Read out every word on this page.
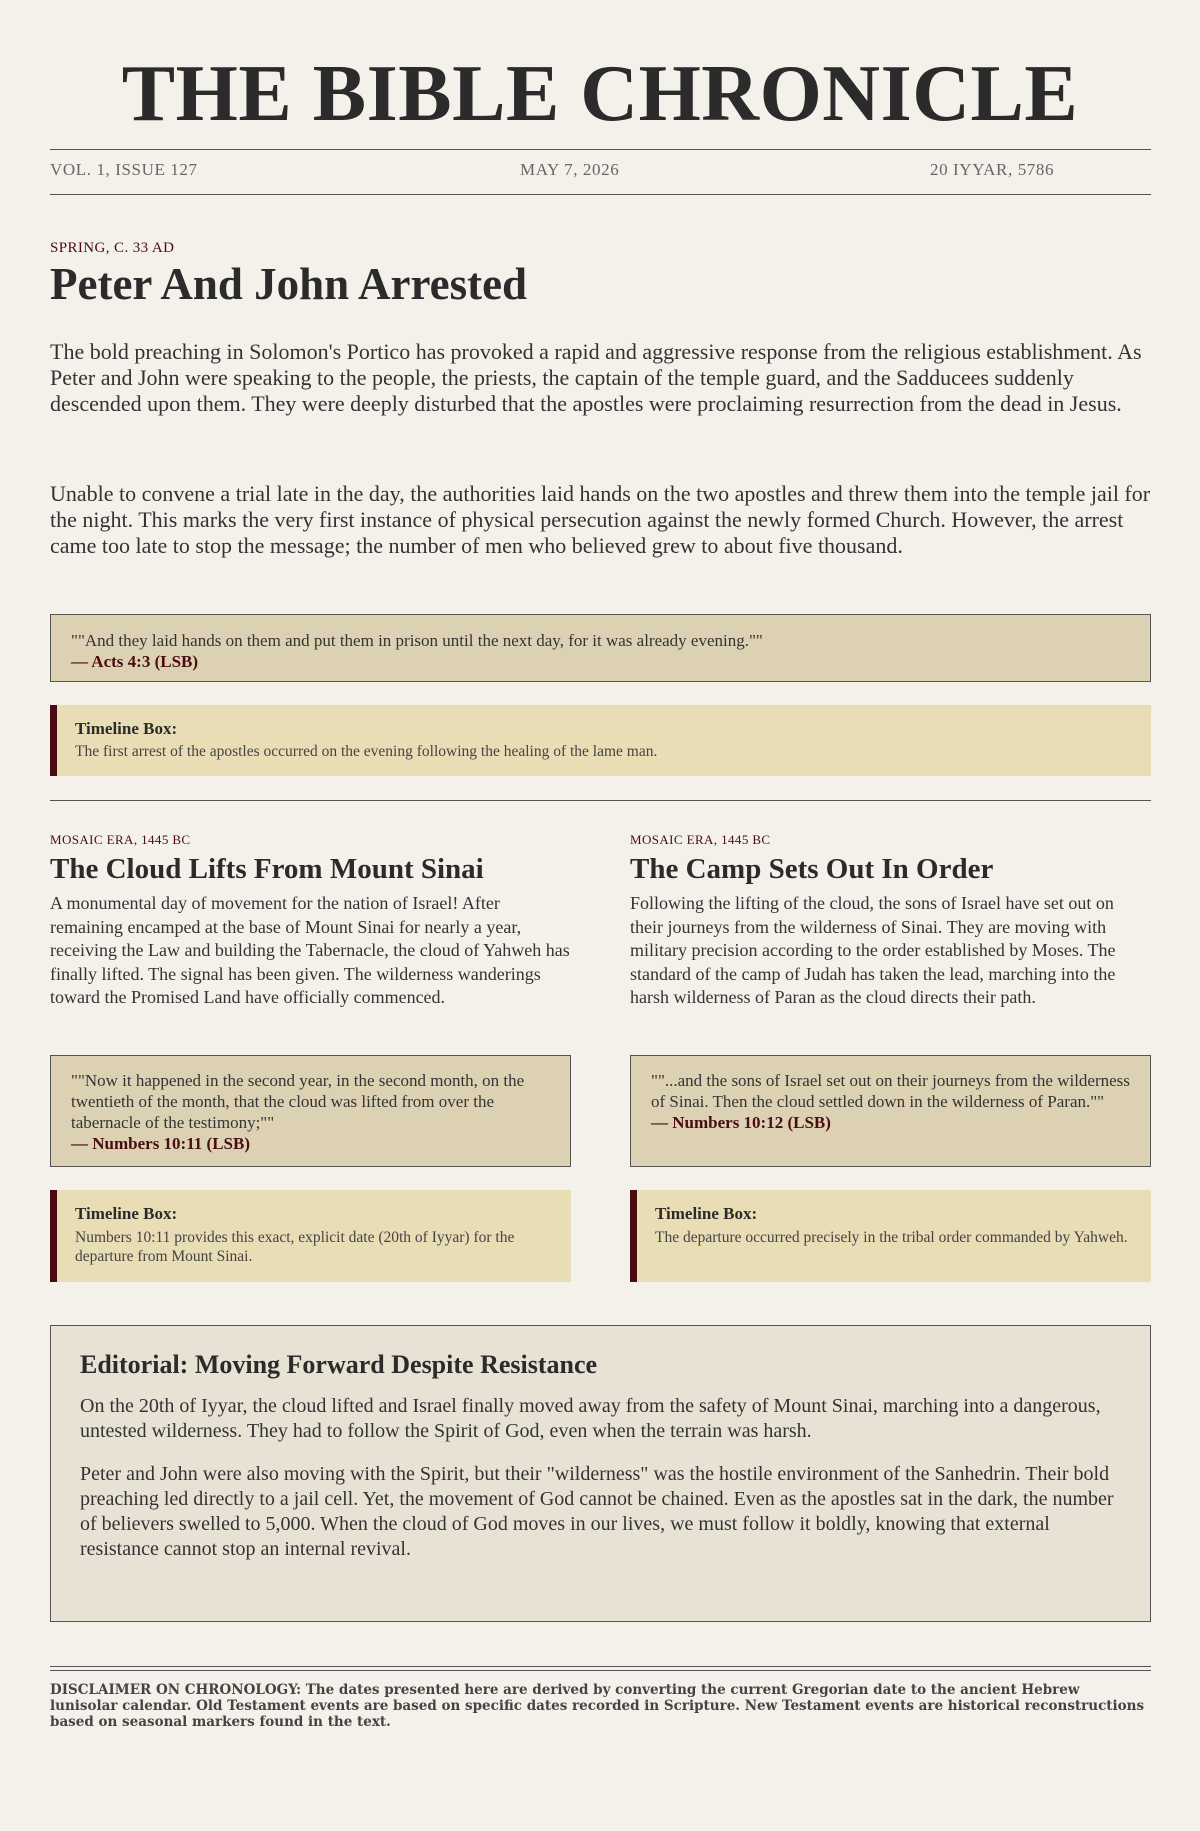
THE BIBLE CHRONICLE
VOL. 1, ISSUE 127	MAY 7, 2026	20 IYYAR, 5786
SPRING, C. 33 AD
Peter And John Arrested

The bold preaching in Solomon's Portico has provoked a rapid and aggressive response from the religious establishment. As Peter and John were speaking to the people, the priests, the captain of the temple guard, and the Sadducees suddenly descended upon them. They were deeply disturbed that the apostles were proclaiming resurrection from the dead in Jesus.

Unable to convene a trial late in the day, the authorities laid hands on the two apostles and threw them into the temple jail for the night. This marks the very first instance of physical persecution against the newly formed Church. However, the arrest came too late to stop the message; the number of men who believed grew to about five thousand.

""And they laid hands on them and put them in prison until the next day, for it was already evening.""
— Acts 4:3 (LSB)

Timeline Box:

The first arrest of the apostles occurred on the evening following the healing of the lame man.

MOSAIC ERA, 1445 BC
The Cloud Lifts From Mount Sinai

A monumental day of movement for the nation of Israel! After remaining encamped at the base of Mount Sinai for nearly a year, receiving the Law and building the Tabernacle, the cloud of Yahweh has finally lifted. The signal has been given. The wilderness wanderings toward the Promised Land have officially commenced.

""Now it happened in the second year, in the second month, on the twentieth of the month, that the cloud was lifted from over the tabernacle of the testimony;""
— Numbers 10:11 (LSB)

Timeline Box:

Numbers 10:11 provides this exact, explicit date (20th of Iyyar) for the departure from Mount Sinai.

MOSAIC ERA, 1445 BC
The Camp Sets Out In Order

Following the lifting of the cloud, the sons of Israel have set out on their journeys from the wilderness of Sinai. They are moving with military precision according to the order established by Moses. The standard of the camp of Judah has taken the lead, marching into the harsh wilderness of Paran as the cloud directs their path.

""...and the sons of Israel set out on their journeys from the wilderness of Sinai. Then the cloud settled down in the wilderness of Paran.""
— Numbers 10:12 (LSB)

Timeline Box:

The departure occurred precisely in the tribal order commanded by Yahweh.

Editorial: Moving Forward Despite Resistance

On the 20th of Iyyar, the cloud lifted and Israel finally moved away from the safety of Mount Sinai, marching into a dangerous, untested wilderness. They had to follow the Spirit of God, even when the terrain was harsh.

Peter and John were also moving with the Spirit, but their "wilderness" was the hostile environment of the Sanhedrin. Their bold preaching led directly to a jail cell. Yet, the movement of God cannot be chained. Even as the apostles sat in the dark, the number of believers swelled to 5,000. When the cloud of God moves in our lives, we must follow it boldly, knowing that external resistance cannot stop an internal revival.

DISCLAIMER ON CHRONOLOGY: The dates presented here are derived by converting the current Gregorian date to the ancient Hebrew lunisolar calendar. Old Testament events are based on specific dates recorded in Scripture. New Testament events are historical reconstructions based on seasonal markers found in the text.
